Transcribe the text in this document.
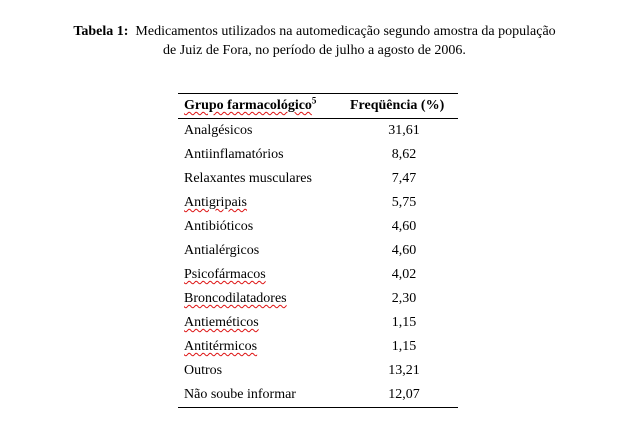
Tabela 1: Medicamentos utilizados na automedicação segundo amostra da população
de Juiz de Fora, no período de julho a agosto de 2006.
Grupo farmacológico$^5$	Freqüência (%)
Analgésicos	31,61
Antiinflamatórios	8,62
Relaxantes musculares	7,47
Antigripais	5,75
Antibióticos	4,60
Antialérgicos	4,60
Psicofármacos	4,02
Broncodilatadores	2,30
Antieméticos	1,15
Antitérmicos	1,15
Outros	13,21
Não soube informar	12,07
